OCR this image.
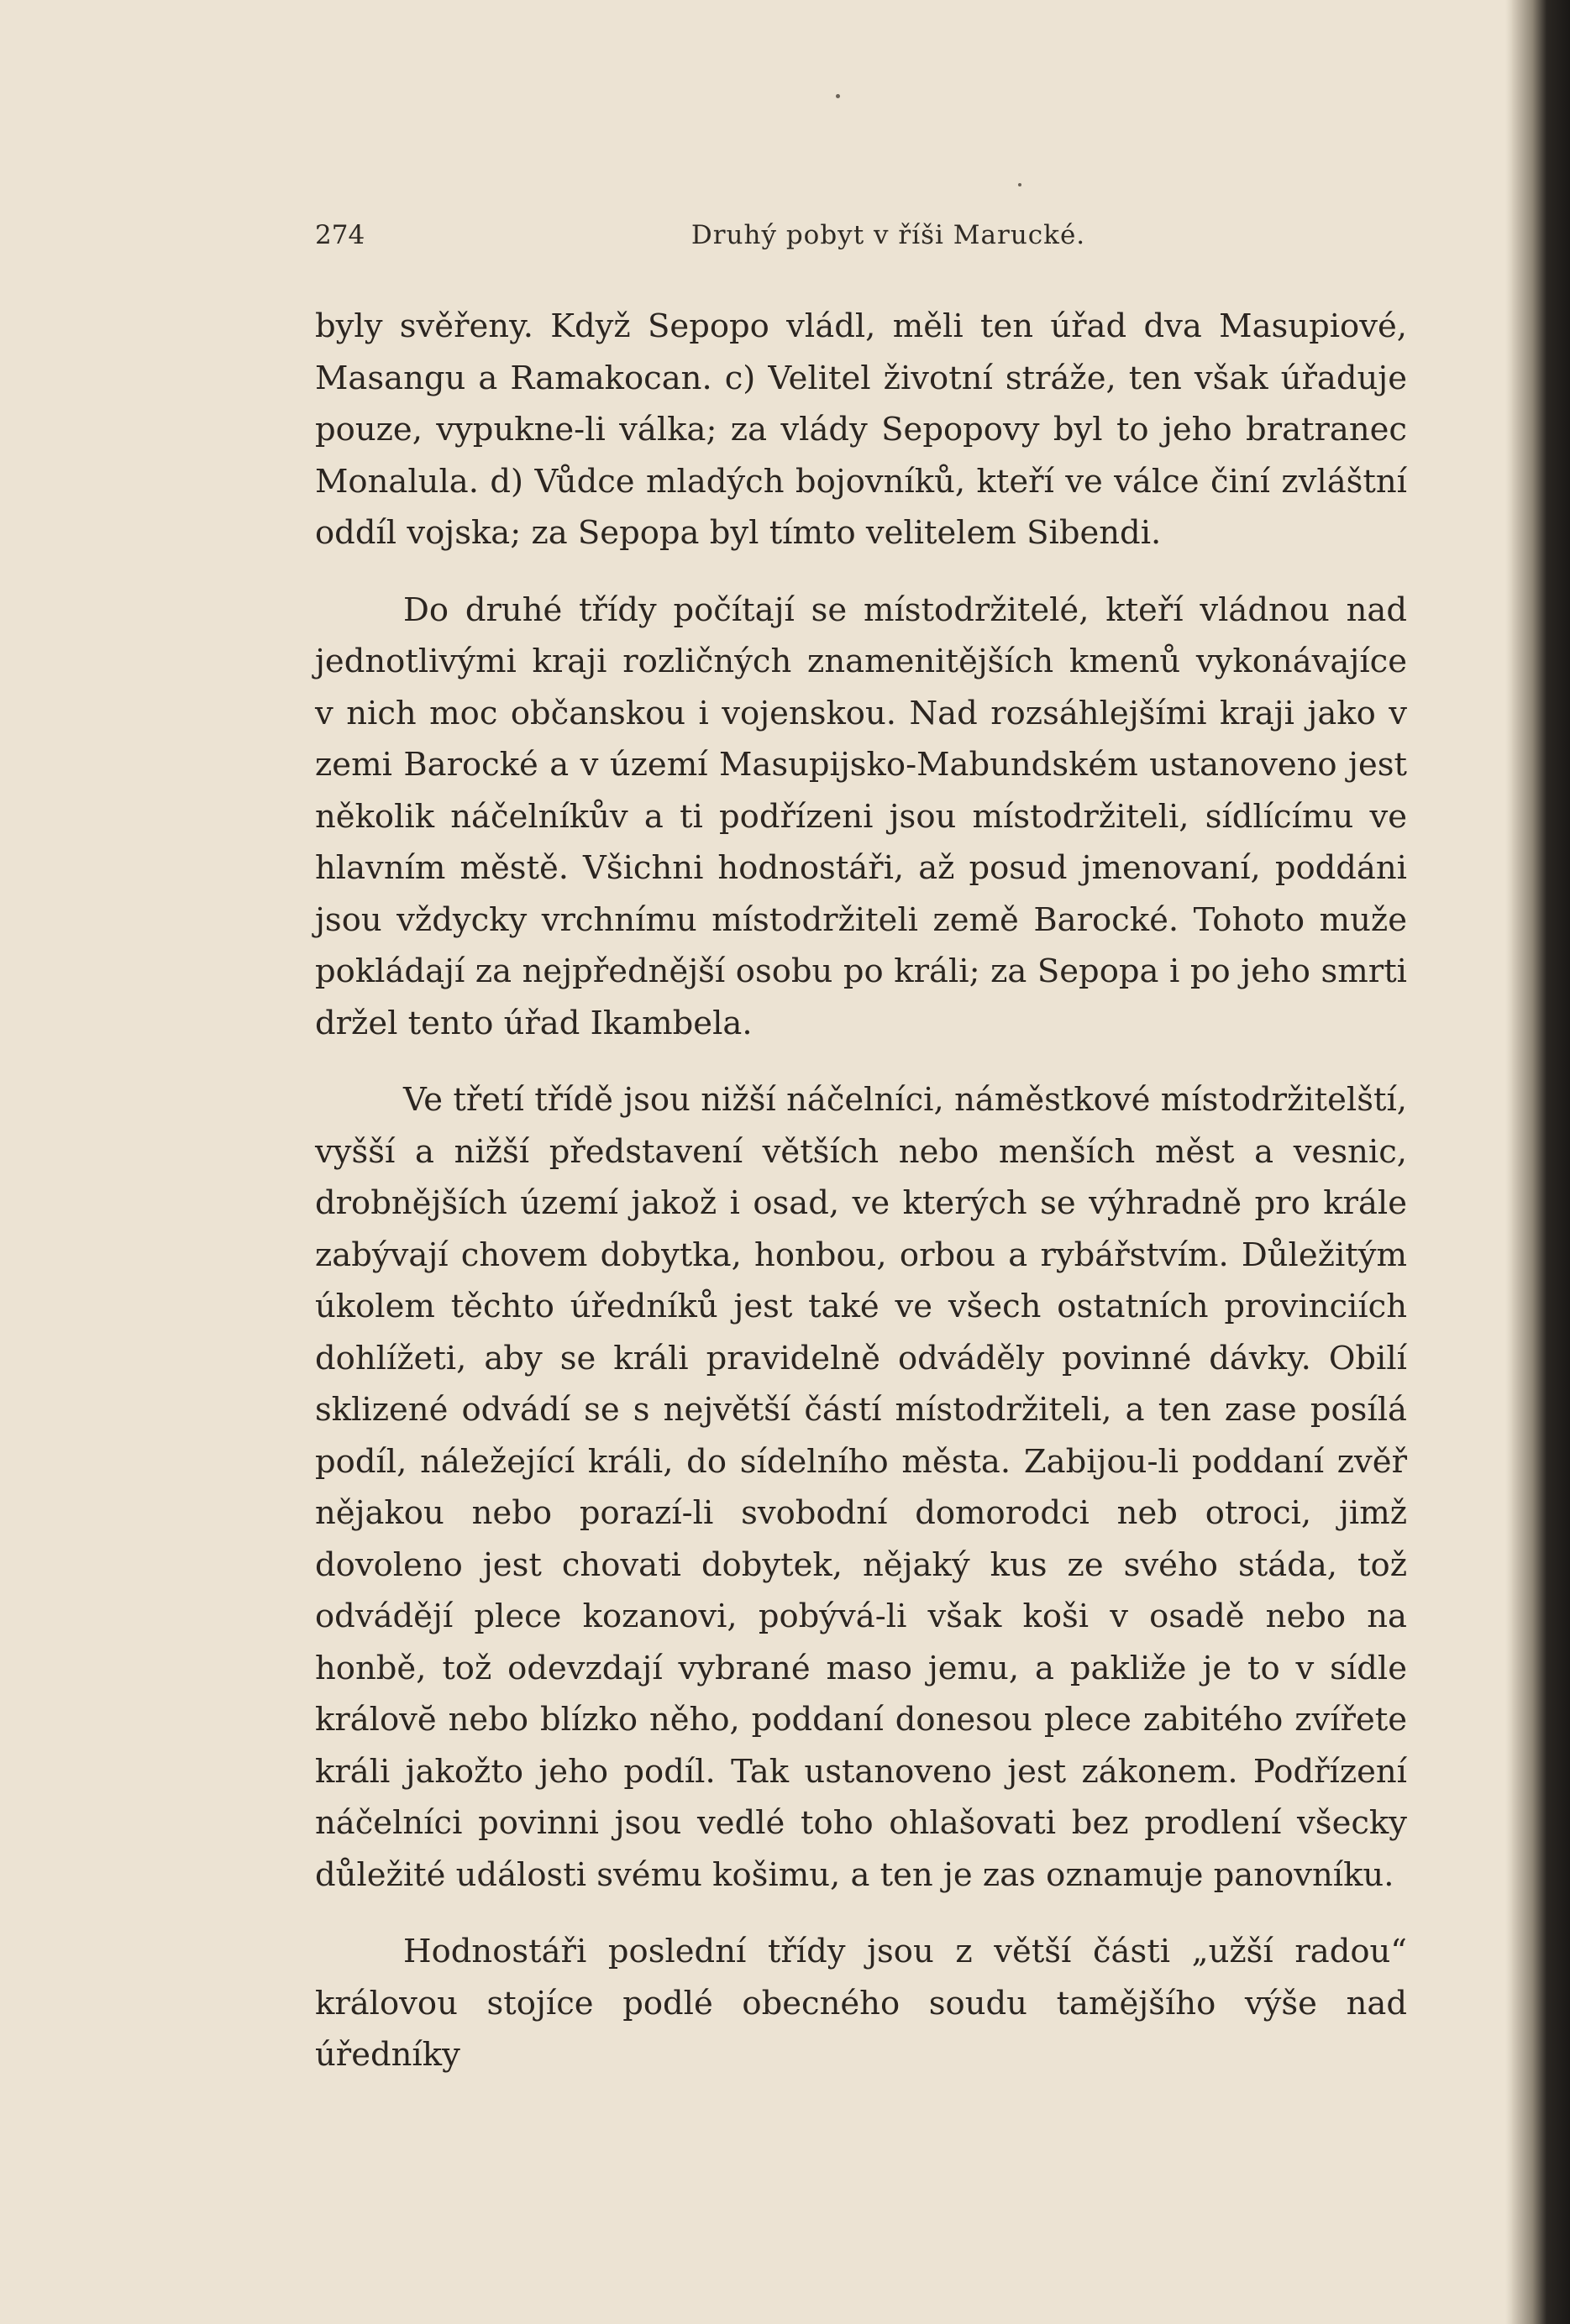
274	Druhý pobyt v říši Marucké.

byly svěřeny. Když Sepopo vládl, měli ten úřad dva Masupiové, Masangu a Ramakocan. c) Velitel životní stráže, ten však úřaduje pouze, vypukne-li válka; za vlády Sepopovy byl to jeho bratranec Monalula. d) Vůdce mladých bojovníků, kteří ve válce činí zvláštní oddíl vojska; za Sepopa byl tímto velitelem Sibendi.

Do druhé třídy počítají se místodržitelé, kteří vládnou nad jednotlivými kraji rozličných znamenitějších kmenů vykonávajíce v nich moc občanskou i vojenskou. Nad rozsáhlejšími kraji jako v zemi Barocké a v území Masupijsko-Mabundském ustanoveno jest několik náčelníkův a ti podřízeni jsou místodržiteli, sídlícímu ve hlavním městě. Všichni hodnostáři, až posud jmenovaní, poddáni jsou vždycky vrchnímu místodržiteli země Barocké. Tohoto muže pokládají za nejpřednější osobu po králi; za Sepopa i po jeho smrti držel tento úřad Ikambela.

Ve třetí třídě jsou nižší náčelníci, náměstkové místodržitelští, vyšší a nižší představení větších nebo menších měst a vesnic, drobnějších území jakož i osad, ve kterých se výhradně pro krále zabývají chovem dobytka, honbou, orbou a rybářstvím. Důležitým úkolem těchto úředníků jest také ve všech ostatních provinciích dohlížeti, aby se králi pravidelně odváděly povinné dávky. Obilí sklizené odvádí se s největší částí místodržiteli, a ten zase posílá podíl, náležející králi, do sídelního města. Zabijou-li poddaní zvěř nějakou nebo porazí-li svobodní domorodci neb otroci, jimž dovoleno jest chovati dobytek, nějaký kus ze svého stáda, tož odvádějí plece kozanovi, pobývá-li však koši v osadě nebo na honbě, tož odevzdají vybrané maso jemu, a pakliže je to v sídle královĕ nebo blízko něho, poddaní donesou plece zabitého zvířete králi jakožto jeho podíl. Tak ustanoveno jest zákonem. Podřízení náčelníci povinni jsou vedlé toho ohlašovati bez prodlení všecky důležité události svému košimu, a ten je zas oznamuje panovníku.

Hodnostáři poslední třídy jsou z větší části „užší radou“ královou stojíce podlé obecného soudu tamějšího výše nad úředníky
